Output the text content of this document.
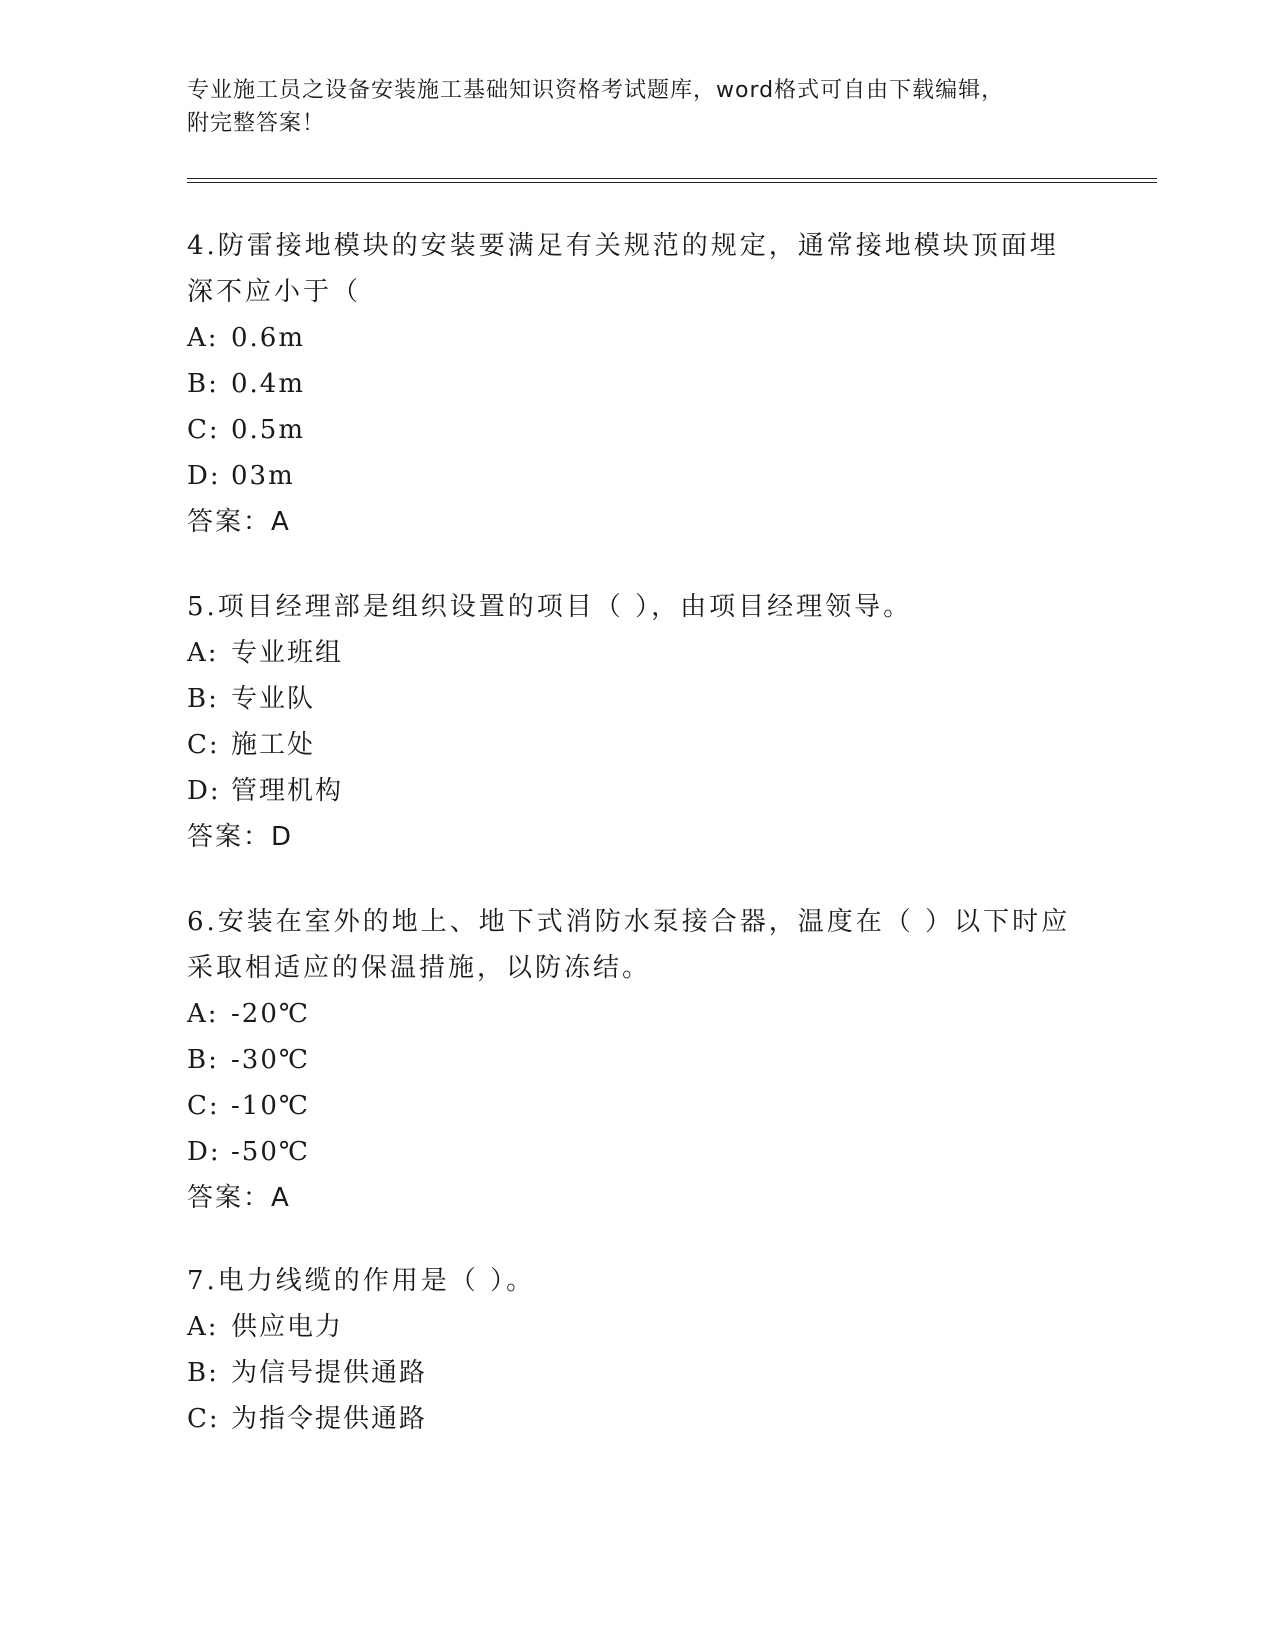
专业施工员之设备安装施工基础知识资格考试题库，word格式可自由下载编辑，
附完整答案！
4.防雷接地模块的安装要满足有关规范的规定，通常接地模块顶面埋深不应小于（
A: 0.6m
B: 0.4m
C: 0.5m
D: 03m
答案：A
5.项目经理部是组织设置的项目（ ），由项目经理领导。
A: 专业班组
B: 专业队
C: 施工处
D: 管理机构
答案：D
6.安装在室外的地上、地下式消防水泵接合器，温度在（ ）以下时应采取相适应的保温措施，以防冻结。
A: -20℃
B: -30℃
C: -10℃
D: -50℃
答案：A
7.电力线缆的作用是（ ）。
A: 供应电力
B: 为信号提供通路
C: 为指令提供通路
